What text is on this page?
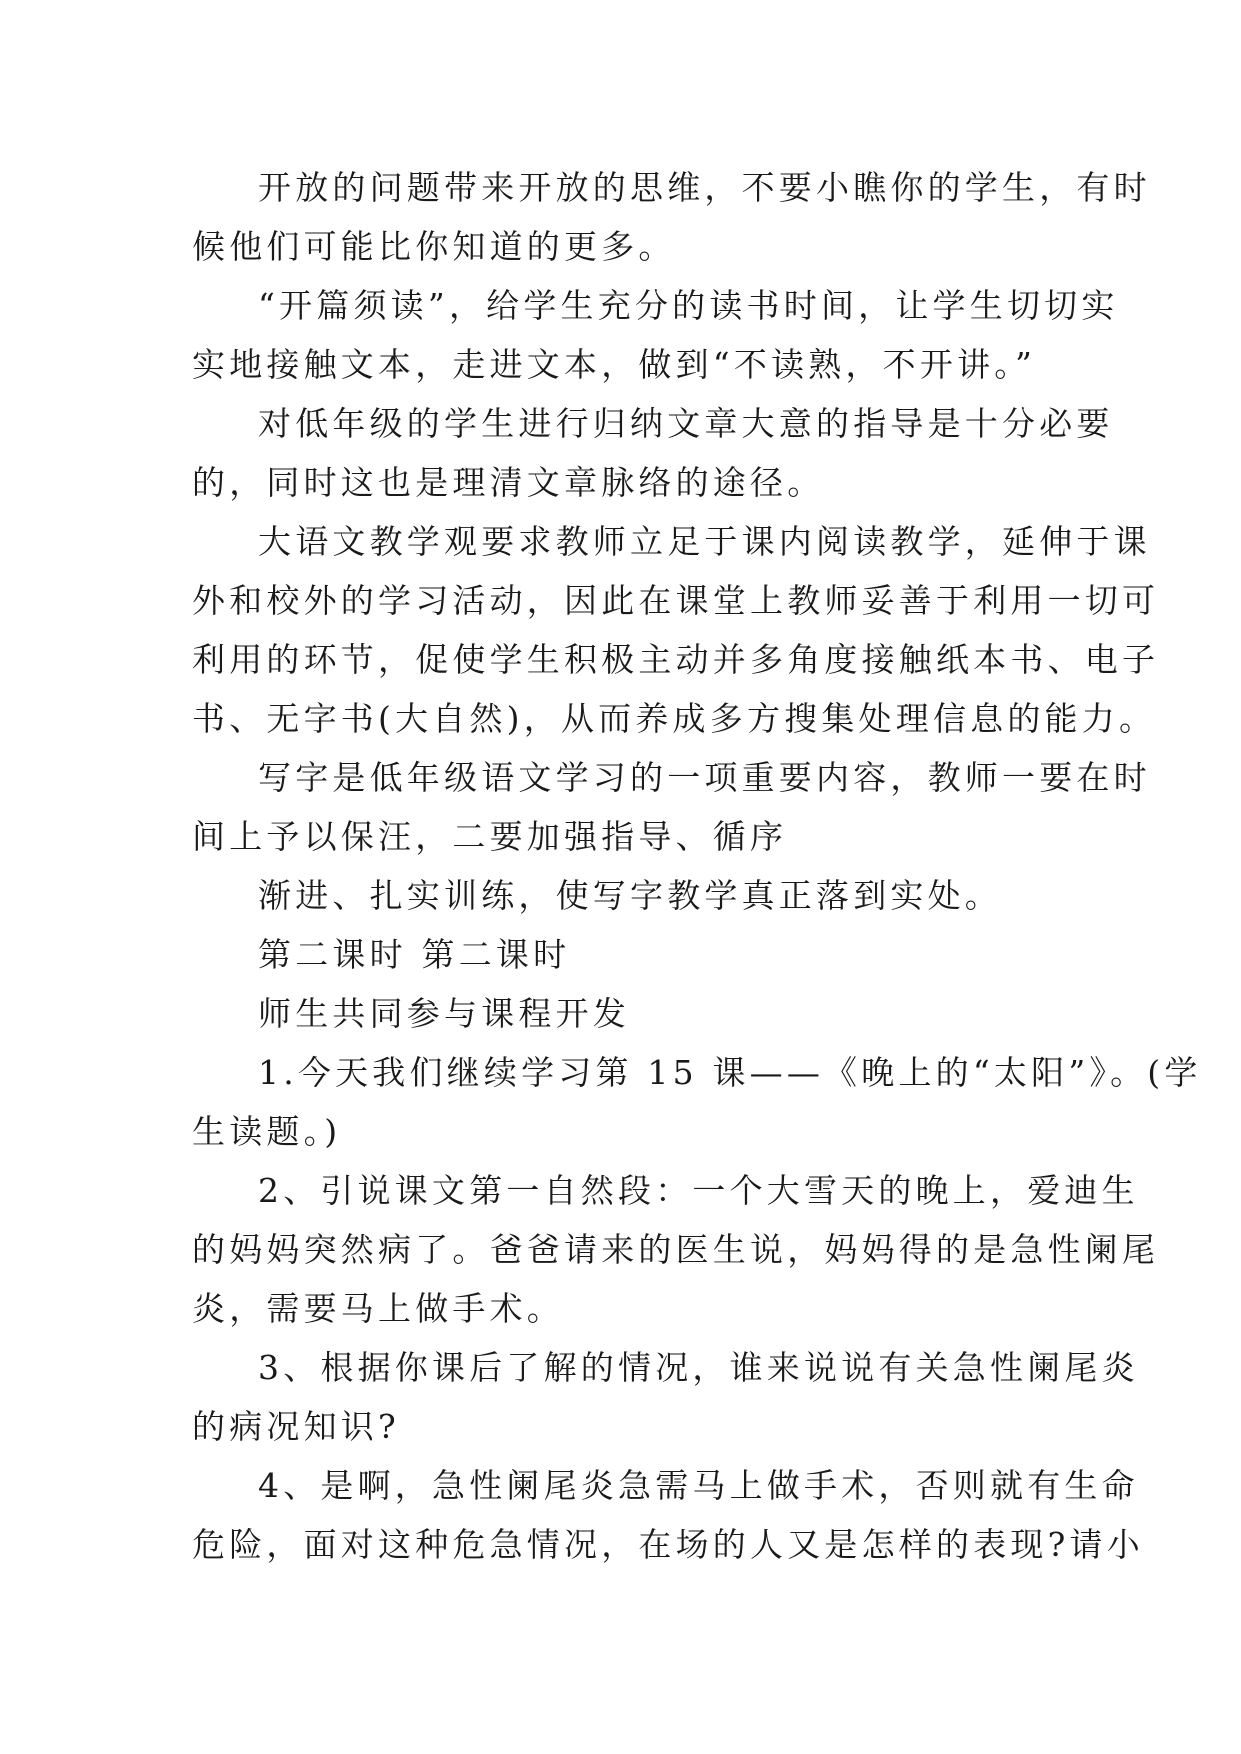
开放的问题带来开放的思维，不要小瞧你的学生，有时
候他们可能比你知道的更多。
“开篇须读”，给学生充分的读书时间，让学生切切实
实地接触文本，走进文本，做到“不读熟，不开讲。”
对低年级的学生进行归纳文章大意的指导是十分必要
的，同时这也是理清文章脉络的途径。
大语文教学观要求教师立足于课内阅读教学，延伸于课
外和校外的学习活动，因此在课堂上教师妥善于利用一切可
利用的环节，促使学生积极主动并多角度接触纸本书、电子
书、无字书(大自然)，从而养成多方搜集处理信息的能力。
写字是低年级语文学习的一项重要内容，教师一要在时
间上予以保汪，二要加强指导、循序
渐进、扎实训练，使写字教学真正落到实处。
第二课时 第二课时
师生共同参与课程开发
1.今天我们继续学习第 15 课——《晚上的“太阳”》。(学
生读题。)
2、引说课文第一自然段：一个大雪天的晚上，爱迪生
的妈妈突然病了。爸爸请来的医生说，妈妈得的是急性阑尾
炎，需要马上做手术。
3、根据你课后了解的情况，谁来说说有关急性阑尾炎
的病况知识?
4、是啊，急性阑尾炎急需马上做手术，否则就有生命
危险，面对这种危急情况，在场的人又是怎样的表现?请小
